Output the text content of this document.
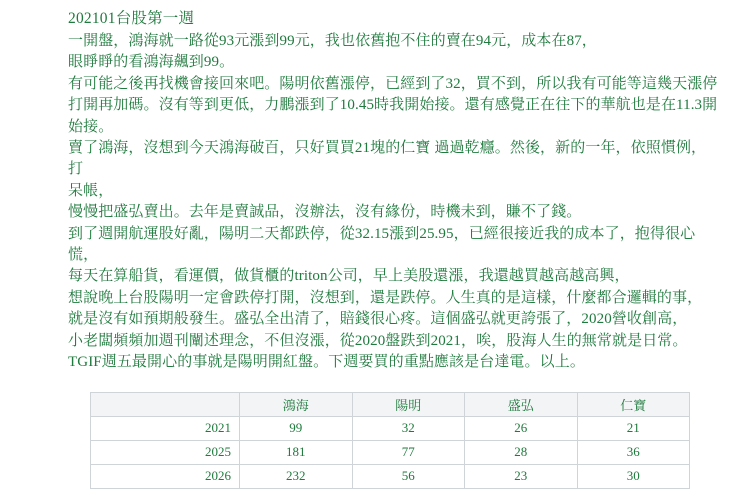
202101台股第一週

一開盤，鴻海就一路從93元漲到99元，我也依舊抱不住的賣在94元，成本在87，

眼睜睜的看鴻海飆到99。

有可能之後再找機會接回來吧。陽明依舊漲停，已經到了32，買不到，所以我有可能等這幾天漲停

打開再加碼。沒有等到更低，力鵬漲到了10.45時我開始接。還有感覺正在往下的華航也是在11.3開

始接。

賣了鴻海，沒想到今天鴻海破百，只好買買21塊的仁寶 過過乾癮。然後，新的一年，依照慣例，打

呆帳，

慢慢把盛弘賣出。去年是賣誠品，沒辦法，沒有緣份，時機未到，賺不了錢。

到了週開航運股好亂，陽明二天都跌停，從32.15漲到25.95，已經很接近我的成本了，抱得很心慌，

每天在算船貨，看運價，做貨櫃的triton公司，早上美股還漲，我還越買越高越高興，

想說晚上台股陽明一定會跌停打開，沒想到，還是跌停。人生真的是這樣，什麼都合邏輯的事，

就是沒有如預期般發生。盛弘全出清了，賠錢很心疼。這個盛弘就更誇張了，2020營收創高，

小老闆頻頻加週刊闡述理念，不但沒漲，從2020盤跌到2021，唉，股海人生的無常就是日常。

TGIF週五最開心的事就是陽明開紅盤。下週要買的重點應該是台達電。以上。

	鴻海	陽明	盛弘	仁寶
2021	99	32	26	21
2025	181	77	28	36
2026	232	56	23	30
